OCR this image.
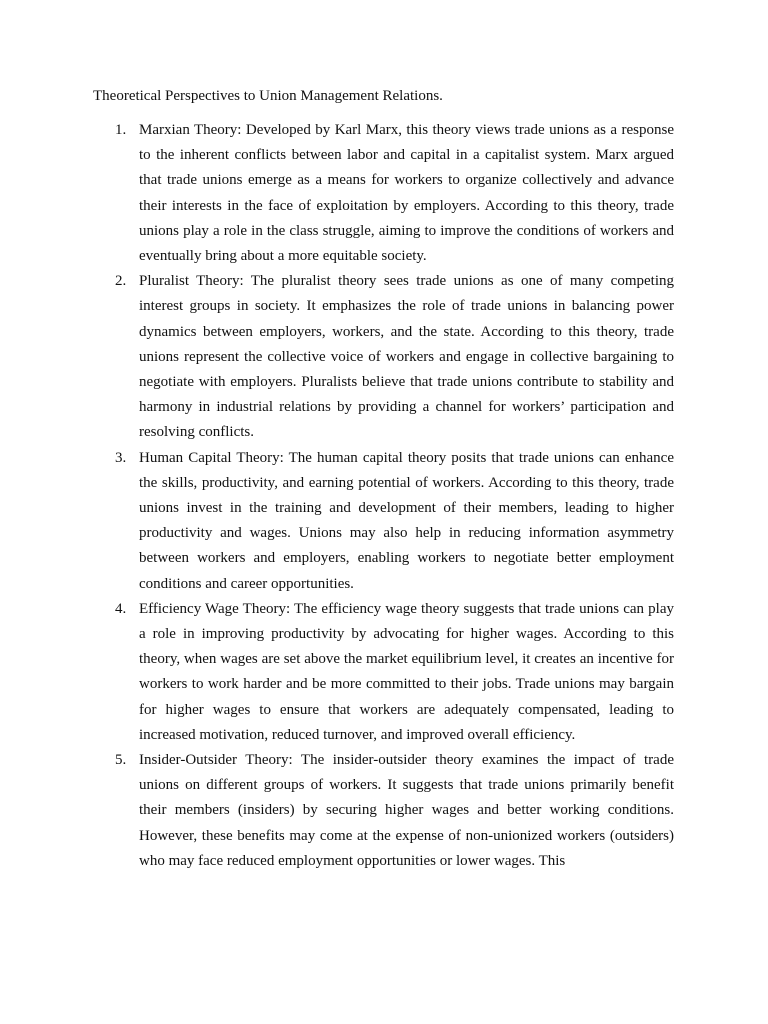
Theoretical Perspectives to Union Management Relations.
1. Marxian Theory: Developed by Karl Marx, this theory views trade unions as a response to the inherent conflicts between labor and capital in a capitalist system. Marx argued that trade unions emerge as a means for workers to organize collectively and advance their interests in the face of exploitation by employers. According to this theory, trade unions play a role in the class struggle, aiming to improve the conditions of workers and eventually bring about a more equitable society.
2. Pluralist Theory: The pluralist theory sees trade unions as one of many competing interest groups in society. It emphasizes the role of trade unions in balancing power dynamics between employers, workers, and the state. According to this theory, trade unions represent the collective voice of workers and engage in collective bargaining to negotiate with employers. Pluralists believe that trade unions contribute to stability and harmony in industrial relations by providing a channel for workers’ participation and resolving conflicts.
3. Human Capital Theory: The human capital theory posits that trade unions can enhance the skills, productivity, and earning potential of workers. According to this theory, trade unions invest in the training and development of their members, leading to higher productivity and wages. Unions may also help in reducing information asymmetry between workers and employers, enabling workers to negotiate better employment conditions and career opportunities.
4. Efficiency Wage Theory: The efficiency wage theory suggests that trade unions can play a role in improving productivity by advocating for higher wages. According to this theory, when wages are set above the market equilibrium level, it creates an incentive for workers to work harder and be more committed to their jobs. Trade unions may bargain for higher wages to ensure that workers are adequately compensated, leading to increased motivation, reduced turnover, and improved overall efficiency.
5. Insider-Outsider Theory: The insider-outsider theory examines the impact of trade unions on different groups of workers. It suggests that trade unions primarily benefit their members (insiders) by securing higher wages and better working conditions. However, these benefits may come at the expense of non-unionized workers (outsiders) who may face reduced employment opportunities or lower wages. This
